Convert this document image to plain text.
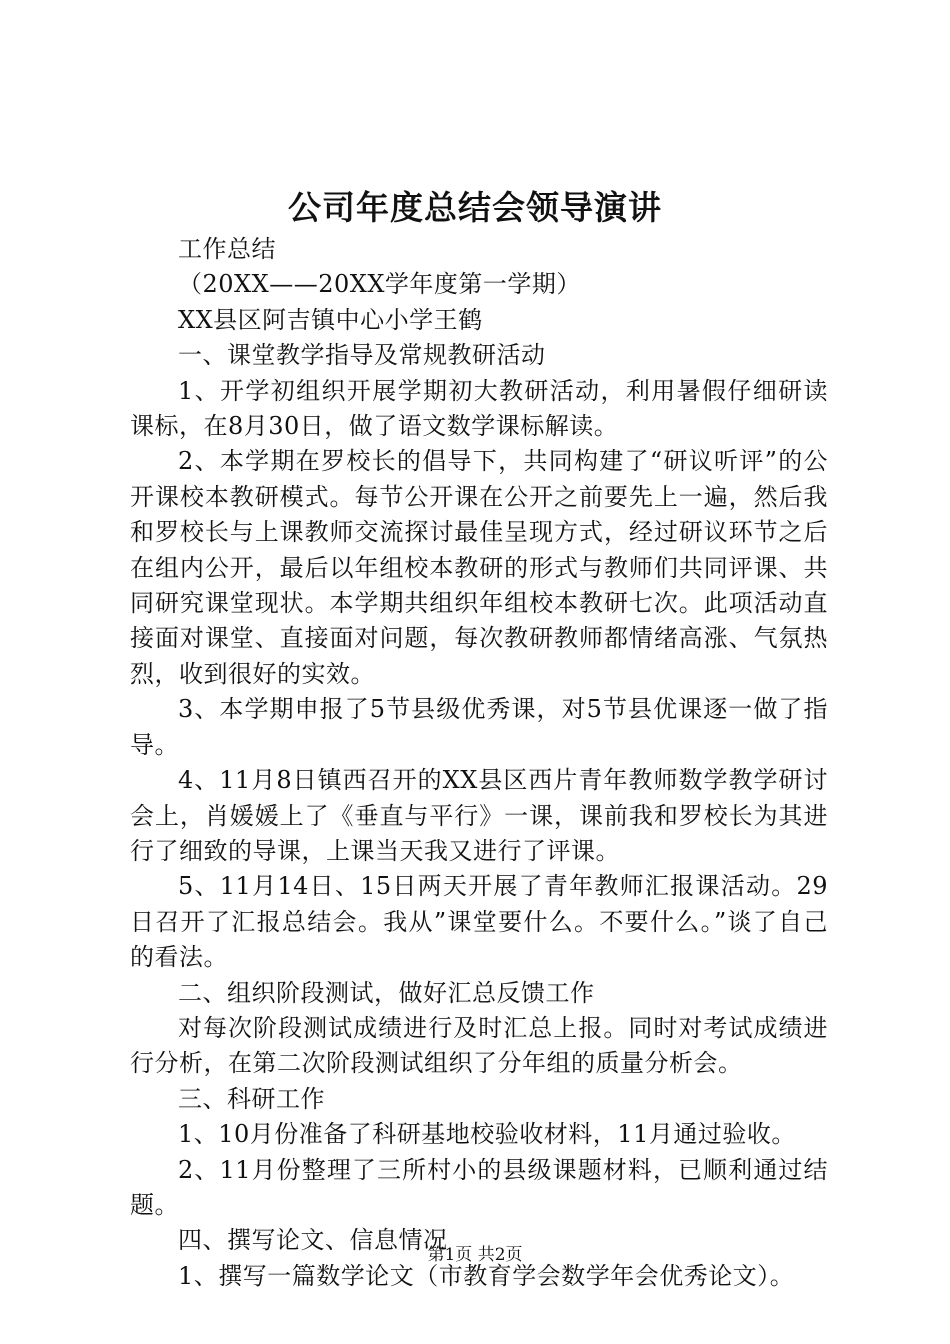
公司年度总结会领导演讲

工作总结

（20XX——20XX学年度第一学期）

XX县区阿吉镇中心小学王鹤

一、课堂教学指导及常规教研活动

1、开学初组织开展学期初大教研活动，利用暑假仔细研读课标，在8月30日，做了语文数学课标解读。

2、本学期在罗校长的倡导下，共同构建了“研议听评”的公开课校本教研模式。每节公开课在公开之前要先上一遍，然后我和罗校长与上课教师交流探讨最佳呈现方式，经过研议环节之后在组内公开，最后以年组校本教研的形式与教师们共同评课、共同研究课堂现状。本学期共组织年组校本教研七次。此项活动直接面对课堂、直接面对问题，每次教研教师都情绪高涨、气氛热烈，收到很好的实效。

3、本学期申报了5节县级优秀课，对5节县优课逐一做了指导。

4、11月8日镇西召开的XX县区西片青年教师数学教学研讨会上，肖媛媛上了《垂直与平行》一课，课前我和罗校长为其进行了细致的导课，上课当天我又进行了评课。

5、11月14日、15日两天开展了青年教师汇报课活动。29日召开了汇报总结会。我从”课堂要什么。不要什么。”谈了自己的看法。

二、组织阶段测试，做好汇总反馈工作

对每次阶段测试成绩进行及时汇总上报。同时对考试成绩进行分析，在第二次阶段测试组织了分年组的质量分析会。

三、科研工作

1、10月份准备了科研基地校验收材料，11月通过验收。

2、11月份整理了三所村小的县级课题材料，已顺利通过结题。

四、撰写论文、信息情况

1、撰写一篇数学论文（市教育学会数学年会优秀论文）。

第1页 共2页
